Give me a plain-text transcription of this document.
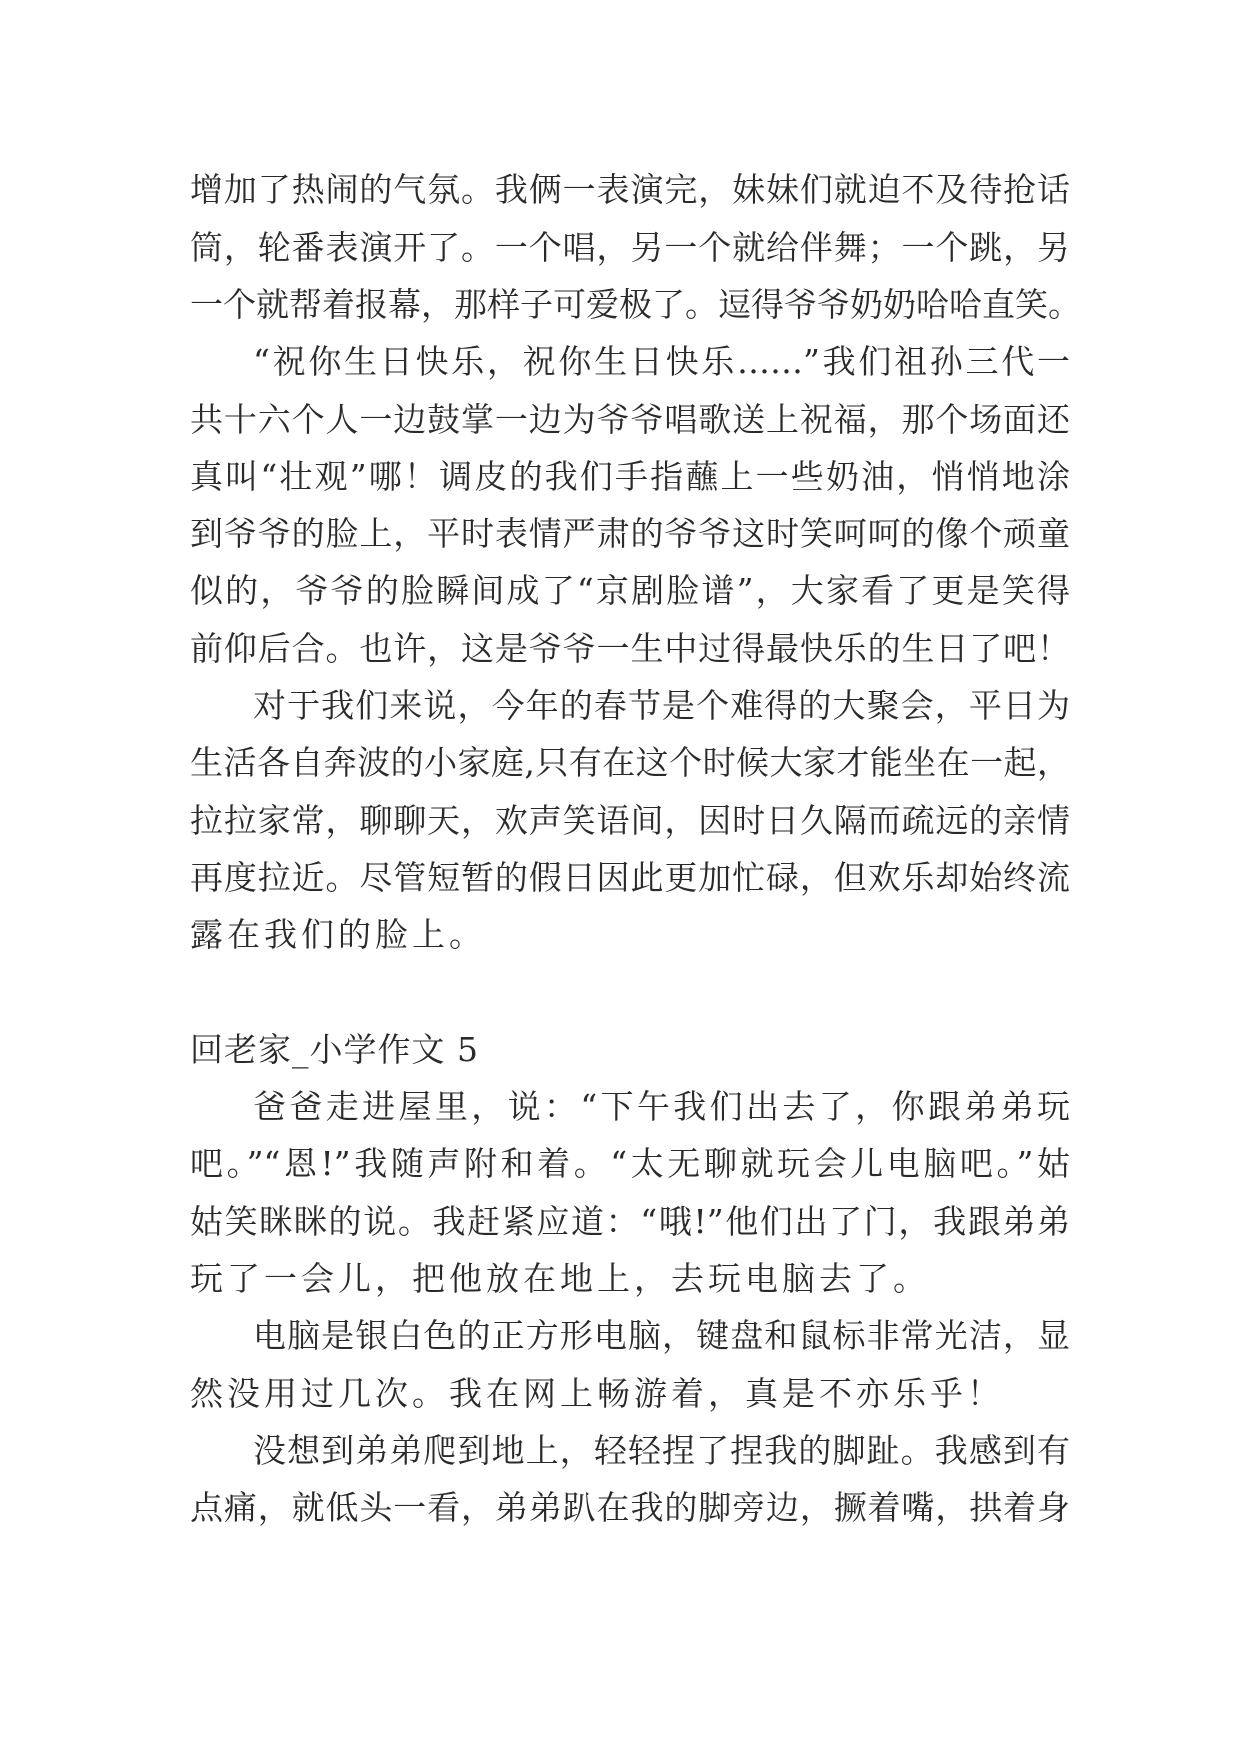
增加了热闹的气氛。我俩一表演完，妹妹们就迫不及待抢话
筒，轮番表演开了。一个唱，另一个就给伴舞；一个跳，另
一个就帮着报幕，那样子可爱极了。逗得爷爷奶奶哈哈直笑。
“祝你生日快乐，祝你生日快乐……”我们祖孙三代一
共十六个人一边鼓掌一边为爷爷唱歌送上祝福，那个场面还
真叫“壮观”哪！调皮的我们手指蘸上一些奶油，悄悄地涂
到爷爷的脸上，平时表情严肃的爷爷这时笑呵呵的像个顽童
似的，爷爷的脸瞬间成了“京剧脸谱”，大家看了更是笑得
前仰后合。也许，这是爷爷一生中过得最快乐的生日了吧！
对于我们来说，今年的春节是个难得的大聚会，平日为
生活各自奔波的小家庭,只有在这个时候大家才能坐在一起，
拉拉家常，聊聊天，欢声笑语间，因时日久隔而疏远的亲情
再度拉近。尽管短暂的假日因此更加忙碌，但欢乐却始终流
露在我们的脸上。
回老家_小学作文 5
爸爸走进屋里，说：“下午我们出去了，你跟弟弟玩
吧。”“恩!”我随声附和着。“太无聊就玩会儿电脑吧。”姑
姑笑眯眯的说。我赶紧应道：“哦!”他们出了门，我跟弟弟
玩了一会儿，把他放在地上，去玩电脑去了。
电脑是银白色的正方形电脑，键盘和鼠标非常光洁，显
然没用过几次。我在网上畅游着，真是不亦乐乎！
没想到弟弟爬到地上，轻轻捏了捏我的脚趾。我感到有
点痛，就低头一看，弟弟趴在我的脚旁边，撅着嘴，拱着身
